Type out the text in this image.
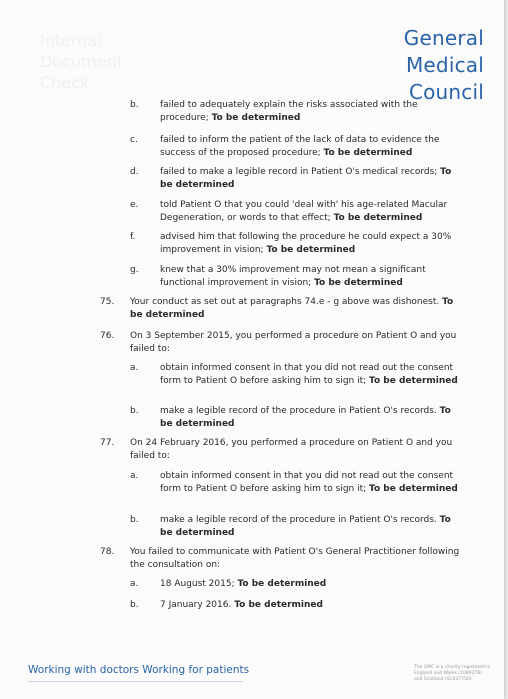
Internal
Document
Check
General
Medical
Council
b. failed to adequately explain the risks associated with the procedure; To be determined
c. failed to inform the patient of the lack of data to evidence the success of the proposed procedure; To be determined
d. failed to make a legible record in Patient O's medical records; To be determined
e. told Patient O that you could 'deal with' his age-related Macular Degeneration, or words to that effect; To be determined
f.	advised him that following the procedure he could expect a 30% improvement in vision; To be determined
g. knew that a 30% improvement may not mean a significant functional improvement in vision; To be determined
75. Your conduct as set out at paragraphs 74.e - g above was dishonest. To be determined
76. On 3 September 2015, you performed a procedure on Patient O and you failed to:
a. obtain informed consent in that you did not read out the consent form to Patient O before asking him to sign it; To be determined
b. make a legible record of the procedure in Patient O's records. To be determined
77. On 24 February 2016, you performed a procedure on Patient O and you failed to:
a. obtain informed consent in that you did not read out the consent form to Patient O before asking him to sign it; To be determined
b. make a legible record of the procedure in Patient O's records. To be determined
78. You failed to communicate with Patient O's General Practitioner following the consultation on:
a. 18 August 2015; To be determined
b. 7 January 2016. To be determined
Working with doctors Working for patients	The GMC is a charity registered in
England and Wales (1089278)
and Scotland (SC037750)
